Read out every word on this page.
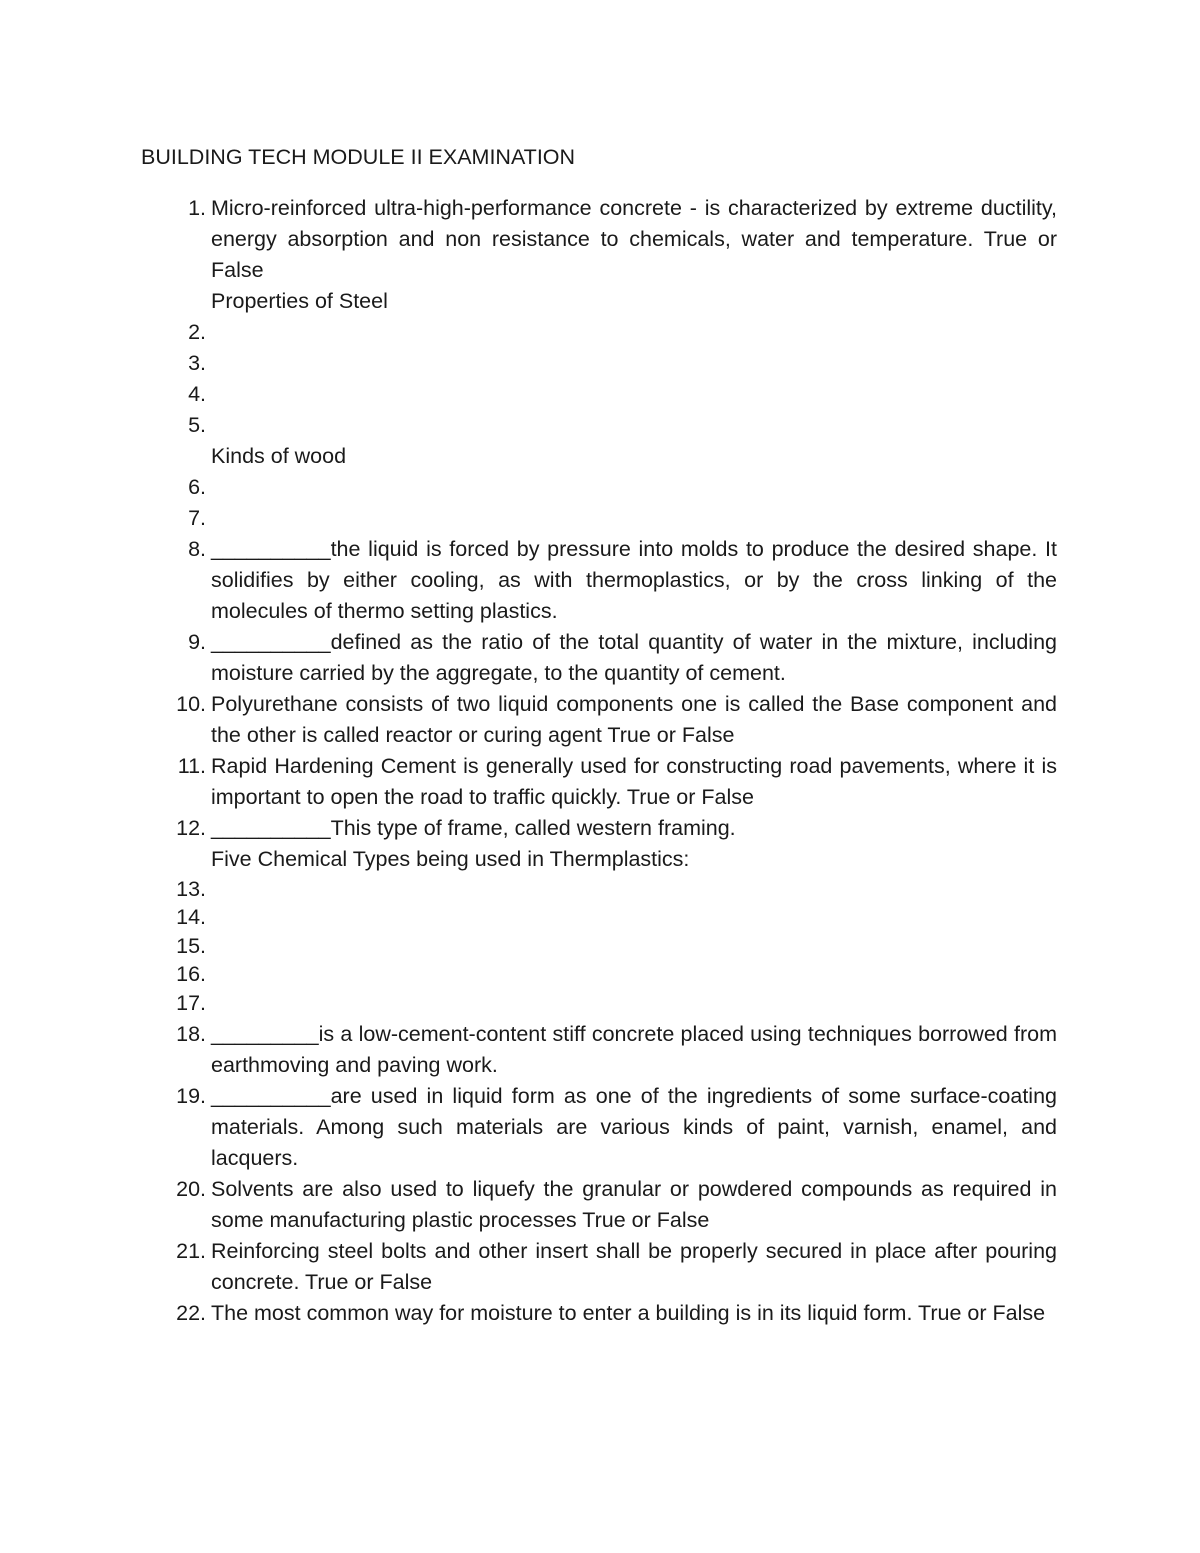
BUILDING TECH MODULE II EXAMINATION
1. Micro-reinforced ultra-high-performance concrete - is characterized by extreme ductility, energy absorption and non resistance to chemicals, water and temperature. True or False
Properties of Steel
2.
3.
4.
5.
Kinds of wood
6.
7.
8. __________the liquid is forced by pressure into molds to produce the desired shape. It solidifies by either cooling, as with thermoplastics, or by the cross linking of the molecules of thermo setting plastics.
9. __________defined as the ratio of the total quantity of water in the mixture, including moisture carried by the aggregate, to the quantity of cement.
10. Polyurethane consists of two liquid components one is called the Base component and the other is called reactor or curing agent True or False
11. Rapid Hardening Cement is generally used for constructing road pavements, where it is important to open the road to traffic quickly. True or False
12. __________This type of frame, called western framing.
Five Chemical Types being used in Thermplastics:
13.
14.
15.
16.
17.
18. _________is a low-cement-content stiff concrete placed using techniques borrowed from earthmoving and paving work.
19. __________are used in liquid form as one of the ingredients of some surface-coating materials. Among such materials are various kinds of paint, varnish, enamel, and lacquers.
20. Solvents are also used to liquefy the granular or powdered compounds as required in some manufacturing plastic processes True or False
21. Reinforcing steel bolts and other insert shall be properly secured in place after pouring concrete. True or False
22. The most common way for moisture to enter a building is in its liquid form. True or False
